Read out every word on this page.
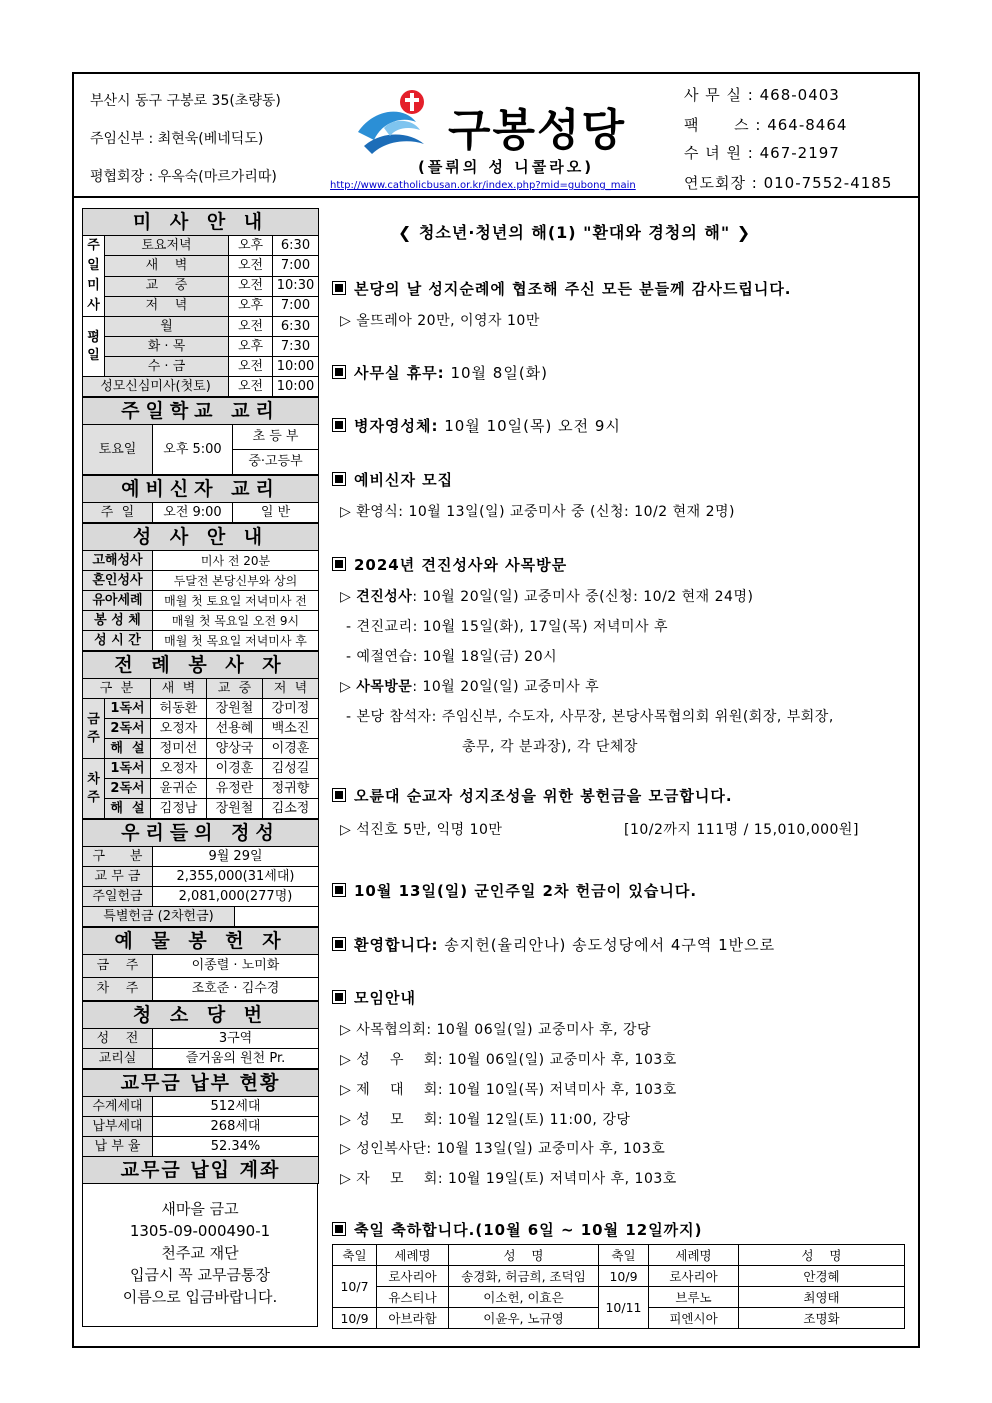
부산시 동구 구봉로 35(초량동)
주임신부 : 최현욱(베네딕도)
평협회장 : 우옥숙(마르가리따)
구봉성당
(플뤼의 성 니콜라오)
http://www.catholicbusan.or.kr/index.php?mid=gubong_main
사 무 실 : 468-0403
팩      스 : 464-8464
수 녀 원 : 467-2197
연도회장 : 010-7552-4185
미 사 안 내			
주일미사	토요저녁	오후	6:30
	새    벽	오전	7:00
	교    중	오전	10:30
	저    녁	오후	7:00
평일	월	오전	6:30
	화 · 목	오후	7:30
	수 · 금	오전	10:00
성모신심미사(첫토)		오전	10:00
주일학교 교리
토요일	오후 5:00	초 등 부
중·고등부
예비신자 교리
주  일	오전 9:00	일 반
성 사 안 내	
고해성사	미사 전 20분
혼인성사	두달전 본당신부와 상의
유아세례	매월 첫 토요일 저녁미사 전
봉 성 체	매월 첫 목요일 오전 9시
성 시 간	매월 첫 목요일 저녁미사 후
전 례 봉 사 자				
구  분		새  벽	교  중	저  녁
금주	1독서	허동환	장원철	강미정
	2독서	오정자	선용혜	백소진
	해  설	정미선	양상국	이경훈
차주	1독서	오정자	이경훈	김성길
	2독서	윤귀순	유정란	정귀향
	해  설	김정남	장원철	김소정
우리들의 정성		
구      분	9월 29일	
교 무 금	2,355,000(31세대)	
주일헌금	2,081,000(277명)	
특별헌금 (2차헌금)		
예 물 봉 헌 자	
금    주	이종렬 · 노미화
차    주	조호준 · 김수경
청 소 당 번	
성    전	3구역
교리실	즐거움의 원천 Pr.
교무금 납부 현황	
수계세대	512세대
납부세대	268세대
납 부 율	52.34%
교무금 납입 계좌	
새마을 금고
1305-09-000490-1
천주교 재단
입금시 꼭 교무금통장
이름으로 입금바랍니다.
❮ 청소년·청년의 해(1) "환대와 경청의 해" ❯
본당의 날 성지순례에 협조해 주신 모든 분들께 감사드립니다.
▷ 올뜨레아 20만, 이영자 10만
사무실 휴무: 10월 8일(화)
병자영성체: 10월 10일(목) 오전 9시
예비신자 모집
▷ 환영식: 10월 13일(일) 교중미사 중 (신청: 10/2 현재 2명)
2024년 견진성사와 사목방문
▷ 견진성사: 10월 20일(일) 교중미사 중(신청: 10/2 현재 24명)
- 견진교리: 10월 15일(화), 17일(목) 저녁미사 후
- 예절연습: 10월 18일(금) 20시
▷ 사목방문: 10월 20일(일) 교중미사 후
- 본당 참석자: 주임신부, 수도자, 사무장, 본당사목협의회 위원(회장, 부회장,
총무, 각 분과장), 각 단체장
오륜대 순교자 성지조성을 위한 봉헌금을 모금합니다.
▷ 석진호 5만, 익명 10만	[10/2까지 111명 / 15,010,000원]
10월 13일(일) 군인주일 2차 헌금이 있습니다.
환영합니다: 송지헌(율리안나) 송도성당에서 4구역 1반으로
모임안내
▷ 사목협의회: 10월 06일(일) 교중미사 후, 강당
▷ 성    우    회: 10월 06일(일) 교중미사 후, 103호
▷ 제    대    회: 10월 10일(목) 저녁미사 후, 103호
▷ 성    모    회: 10월 12일(토) 11:00, 강당
▷ 성인복사단: 10월 13일(일) 교중미사 후, 103호
▷ 자    모    회: 10월 19일(토) 저녁미사 후, 103호
축일 축하합니다.(10월 6일 ~ 10월 12일까지)
축일	세례명	성    명	축일	세례명	성    명
10/7	로사리아	송경화, 허금희, 조덕임	10/9	로사리아	안경혜
	유스티나	이소헌, 이효은	10/11	브루노	최영태
10/9	아브라함	이윤우, 노규영		피엔시아	조명화
